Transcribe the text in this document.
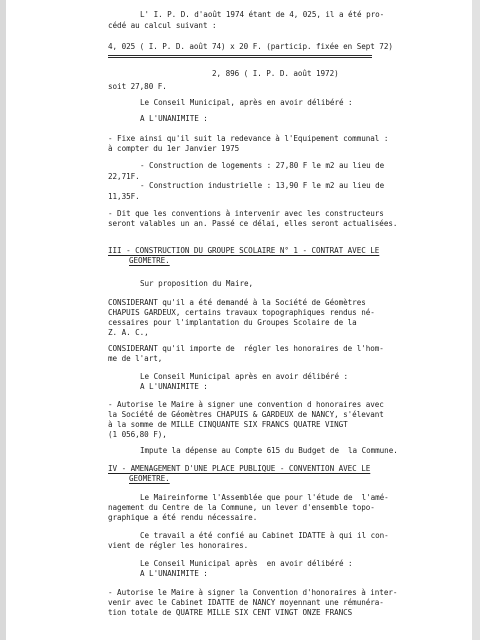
L' I. P. D. d'août 1974 étant de 4, 025, il a été pro-
cédé au calcul suivant :
4, 025 ( I. P. D. août 74) x 20 F. (particip. fixée en Sept 72)
2, 896 ( I. P. D. août 1972)
soit 27,80 F.
Le Conseil Municipal, après en avoir délibéré :
A L'UNANIMITE :
- Fixe ainsi qu'il suit la redevance à l'Equipement communal :
à compter du 1er Janvier 1975
- Construction de logements : 27,80 F le m2 au lieu de
22,71F.
- Construction industrielle : 13,90 F le m2 au lieu de
11,35F.
- Dit que les conventions à intervenir avec les constructeurs
seront valables un an. Passé ce délai, elles seront actualisées.
III - CONSTRUCTION DU GROUPE SCOLAIRE N° 1 - CONTRAT AVEC LE
GEOMETRE.
Sur proposition du Maire,
CONSIDERANT qu'il a été demandé à la Société de Géomètres
CHAPUIS GARDEUX, certains travaux topographiques rendus né-
cessaires pour l'implantation du Groupes Scolaire de la
Z. A. C.,
CONSIDERANT qu'il importe de  régler les honoraires de l'hom-
me de l'art,
Le Conseil Municipal après en avoir délibéré :
A L'UNANIMITE :
- Autorise le Maire à signer une convention d honoraires avec
la Société de Géomètres CHAPUIS & GARDEUX de NANCY, s'élevant
à la somme de MILLE CINQUANTE SIX FRANCS QUATRE VINGT
(1 056,80 F),
Impute la dépense au Compte 615 du Budget de  la Commune.
IV - AMENAGEMENT D'UNE PLACE PUBLIQUE - CONVENTION AVEC LE
GEOMETRE.
Le Maireinforme l'Assemblée que pour l'étude de  l'amé-
nagement du Centre de la Commune, un lever d'ensemble topo-
graphique a été rendu nécessaire.
Ce travail a été confié au Cabinet IDATTE à qui il con-
vient de régler les honoraires.
Le Conseil Municipal après  en avoir délibéré :
A L'UNANIMITE :
- Autorise le Maire à signer la Convention d'honoraires à inter-
venir avec le Cabinet IDATTE de NANCY moyennant une rémunéra-
tion totale de QUATRE MILLE SIX CENT VINGT ONZE FRANCS
